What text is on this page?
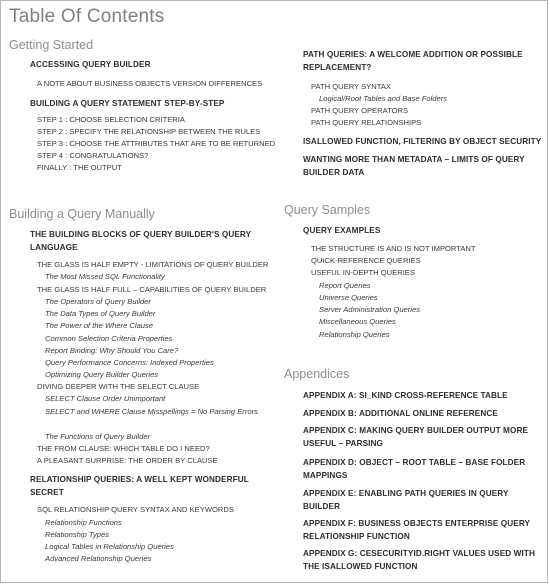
Table Of Contents
Getting Started
ACCESSING QUERY BUILDER
A NOTE ABOUT BUSINESS OBJECTS VERSION DIFFERENCES
BUILDING A QUERY STATEMENT STEP-BY-STEP
STEP 1 : CHOOSE SELECTION CRITERIA
STEP 2 : SPECIFY THE RELATIONSHIP BETWEEN THE RULES
STEP 3 : CHOOSE THE ATTRIBUTES THAT ARE TO BE RETURNED
STEP 4 : CONGRATULATIONS?
FINALLY : THE OUTPUT
Building a Query Manually
THE BUILDING BLOCKS OF QUERY BUILDER'S QUERY LANGUAGE
THE GLASS IS HALF EMPTY - LIMITATIONS OF QUERY BUILDER
The Most Missed SQL Functionality
THE GLASS IS HALF FULL – CAPABILITIES OF QUERY BUILDER
The Operators of Query Builder
The Data Types of Query Builder
The Power of the Where Clause
Common Selection Criteria Properties
Report Binding: Why Should You Care?
Query Performance Concerns: Indexed Properties
Optimizing Query Builder Queries
DIVING DEEPER WITH THE SELECT CLAUSE
SELECT Clause Order Unimportant
SELECT and WHERE Clause Misspellings = No Parsing Errors
The Functions of Query Builder
THE FROM CLAUSE: WHICH TABLE DO I NEED?
A PLEASANT SURPRISE: THE ORDER BY CLAUSE
RELATIONSHIP QUERIES: A WELL KEPT WONDERFUL SECRET
SQL RELATIONSHIP QUERY SYNTAX AND KEYWORDS
Relationship Functions
Relationship Types
Logical Tables in Relationship Queries
Advanced Relationship Queries
PATH QUERIES: A WELCOME ADDITION OR POSSIBLE REPLACEMENT?
PATH QUERY SYNTAX
Logical/Root Tables and Base Folders
PATH QUERY OPERATORS
PATH QUERY RELATIONSHIPS
ISALLOWED FUNCTION, FILTERING BY OBJECT SECURITY
WANTING MORE THAN METADATA – LIMITS OF QUERY BUILDER DATA
Query Samples
QUERY EXAMPLES
THE STRUCTURE IS AND IS NOT IMPORTANT
QUICK-REFERENCE QUERIES
USEFUL IN-DEPTH QUERIES
Report Queries
Universe Queries
Server Administration Queries
Miscellaneous Queries
Relationship Queries
Appendices
APPENDIX A: SI_KIND CROSS-REFERENCE TABLE
APPENDIX B: ADDITIONAL ONLINE REFERENCE
APPENDIX C: MAKING QUERY BUILDER OUTPUT MORE USEFUL – PARSING
APPENDIX D: OBJECT – ROOT TABLE – BASE FOLDER MAPPINGS
APPENDIX E: ENABLING PATH QUERIES IN QUERY BUILDER
APPENDIX F: BUSINESS OBJECTS ENTERPRISE QUERY RELATIONSHIP FUNCTION
APPENDIX G: CESECURITYID.RIGHT VALUES USED WITH THE ISALLOWED FUNCTION
